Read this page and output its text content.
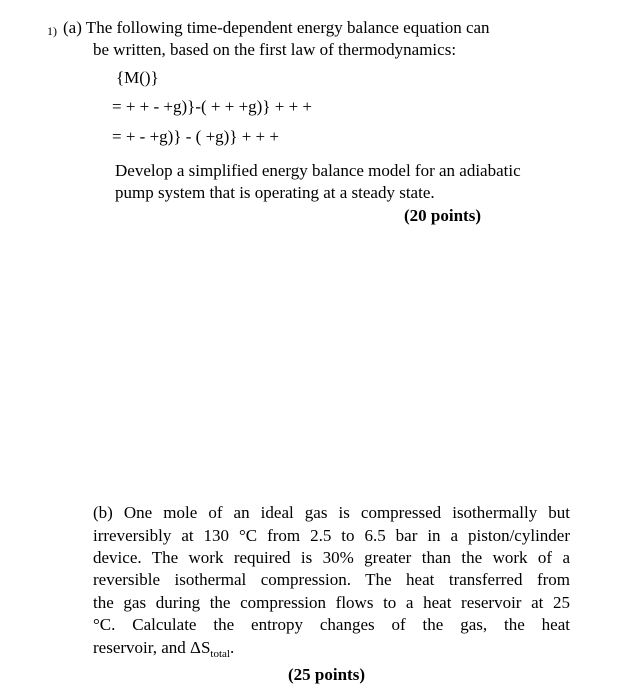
1) (a) The following time-dependent energy balance equation can
be written, based on the first law of thermodynamics:
{M()}
= + + - +g)}-( + + +g)} + + +
= + - +g)} - ( +g)} + + +
Develop a simplified energy balance model for an adiabatic
pump system that is operating at a steady state.
(20 points)
(b) One mole of an ideal gas is compressed isothermally but
irreversibly at 130 °C from 2.5 to 6.5 bar in a piston/cylinder
device. The work required is 30% greater than the work of a
reversible isothermal compression. The heat transferred from
the gas during the compression flows to a heat reservoir at 25
°C. Calculate the entropy changes of the gas, the heat
reservoir, and $\Delta S_{total}$.
(25 points)
